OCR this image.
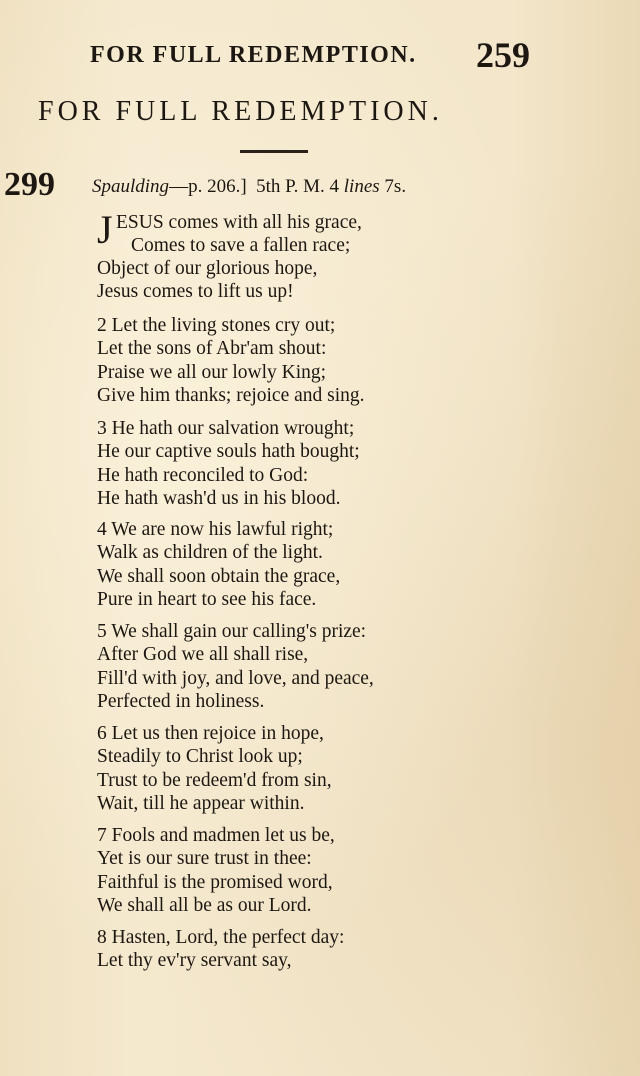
FOR FULL REDEMPTION. 259
FOR FULL REDEMPTION.
299 Spaulding—p. 206.] 5th P. M. 4 lines 7s.
J ESUS comes with all his grace,
Comes to save a fallen race;
Object of our glorious hope,
Jesus comes to lift us up!
2 Let the living stones cry out;
Let the sons of Abr'am shout:
Praise we all our lowly King;
Give him thanks; rejoice and sing.
3 He hath our salvation wrought;
He our captive souls hath bought;
He hath reconciled to God:
He hath wash'd us in his blood.
4 We are now his lawful right;
Walk as children of the light.
We shall soon obtain the grace,
Pure in heart to see his face.
5 We shall gain our calling's prize:
After God we all shall rise,
Fill'd with joy, and love, and peace,
Perfected in holiness.
6 Let us then rejoice in hope,
Steadily to Christ look up;
Trust to be redeem'd from sin,
Wait, till he appear within.
7 Fools and madmen let us be,
Yet is our sure trust in thee:
Faithful is the promised word,
We shall all be as our Lord.
8 Hasten, Lord, the perfect day:
Let thy ev'ry servant say,
